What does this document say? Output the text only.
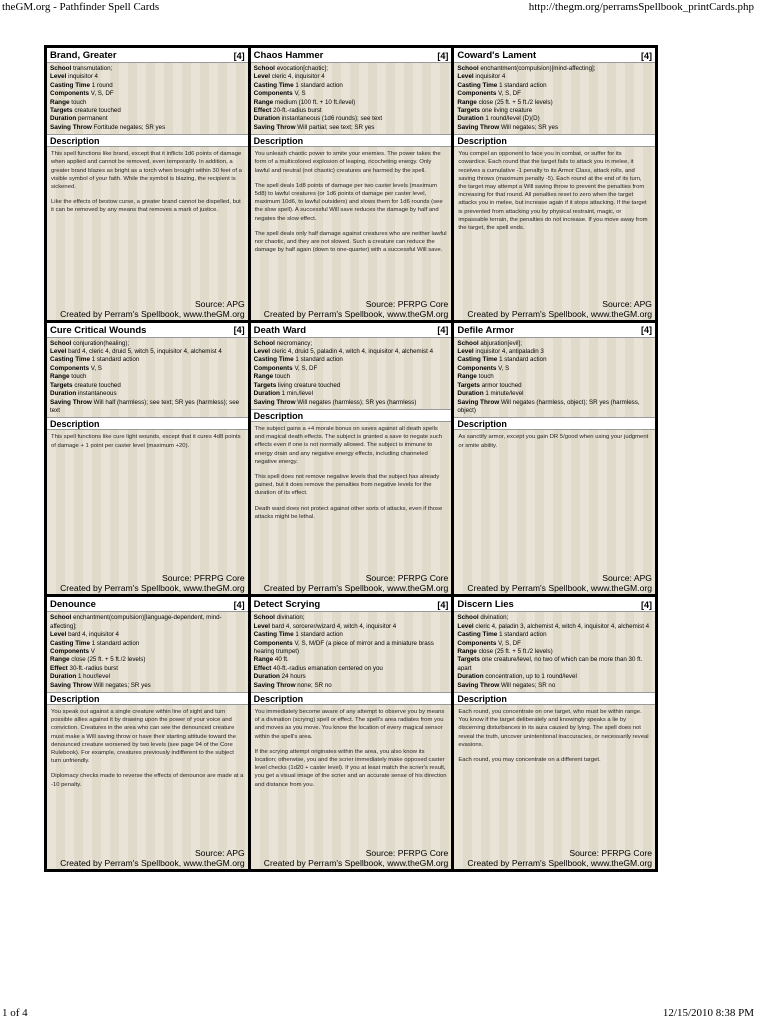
theGM.org - Pathfinder Spell Cards	http://thegm.org/perramsSpellbook_printCards.php
Brand, Greater	[4]
School transmutation;
Level inquisitor 4
Casting Time 1 round
Components V, S, DF
Range touch
Targets creature touched
Duration permanent
Saving Throw Fortitude negates; SR yes
Description

This spell functions like brand, except that it inflicts 1d6 points of damage when applied and cannot be removed, even temporarily. In addition, a greater brand blazes as bright as a torch when brought within 30 feet of a visible symbol of your faith. While the symbol is blazing, the recipient is sickened.

Like the effects of bestow curse, a greater brand cannot be dispelled, but it can be removed by any means that removes a mark of justice.

Source: APG
Created by Perram's Spellbook, www.theGM.org
Chaos Hammer	[4]
School evocation[chaotic];
Level cleric 4, inquisitor 4
Casting Time 1 standard action
Components V, S
Range medium (100 ft. + 10 ft./level)
Effect 20-ft.-radius burst
Duration instantaneous (1d6 rounds); see text
Saving Throw Will partial; see text; SR yes
Description

You unleash chaotic power to smite your enemies. The power takes the form of a multicolored explosion of leaping, ricocheting energy. Only lawful and neutral (not chaotic) creatures are harmed by the spell.

The spell deals 1d8 points of damage per two caster levels (maximum 5d8) to lawful creatures (or 1d6 points of damage per caster level, maximum 10d6, to lawful outsiders) and slows them for 1d6 rounds (see the slow spell). A successful Will save reduces the damage by half and negates the slow effect.

The spell deals only half damage against creatures who are neither lawful nor chaotic, and they are not slowed. Such a creature can reduce the damage by half again (down to one-quarter) with a successful Will save.

Source: PFRPG Core
Created by Perram's Spellbook, www.theGM.org
Coward's Lament	[4]
School enchantment(compulsion)[mind-affecting];
Level inquisitor 4
Casting Time 1 standard action
Components V, S, DF
Range close (25 ft. + 5 ft./2 levels)
Targets one living creature
Duration 1 round/level (D)(D)
Saving Throw Will negates; SR yes
Description

You compel an opponent to face you in combat, or suffer for its cowardice. Each round that the target fails to attack you in melee, it receives a cumulative -1 penalty to its Armor Class, attack rolls, and saving throws (maximum penalty -5). Each round at the end of its turn, the target may attempt a Will saving throw to prevent the penalties from increasing for that round. All penalties reset to zero when the target attacks you in melee, but increase again if it stops attacking. If the target is prevented from attacking you by physical restraint, magic, or impassable terrain, the penalties do not increase. If you move away from the target, the spell ends.

Source: APG
Created by Perram's Spellbook, www.theGM.org
Cure Critical Wounds	[4]
School conjuration(healing);
Level bard 4, cleric 4, druid 5, witch 5, inquisitor 4, alchemist 4
Casting Time 1 standard action
Components V, S
Range touch
Targets creature touched
Duration instantaneous
Saving Throw Will half (harmless); see text; SR yes (harmless); see text
Description

This spell functions like cure light wounds, except that it cures 4d8 points of damage + 1 point per caster level (maximum +20).

Source: PFRPG Core
Created by Perram's Spellbook, www.theGM.org
Death Ward	[4]
School necromancy;
Level cleric 4, druid 5, paladin 4, witch 4, inquisitor 4, alchemist 4
Casting Time 1 standard action
Components V, S, DF
Range touch
Targets living creature touched
Duration 1 min./level
Saving Throw Will negates (harmless); SR yes (harmless)
Description

The subject gains a +4 morale bonus on saves against all death spells and magical death effects. The subject is granted a save to negate such effects even if one is not normally allowed. The subject is immune to energy drain and any negative energy effects, including channeled negative energy.

This spell does not remove negative levels that the subject has already gained, but it does remove the penalties from negative levels for the duration of its effect.

Death ward does not protect against other sorts of attacks, even if those attacks might be lethal.

Source: PFRPG Core
Created by Perram's Spellbook, www.theGM.org
Defile Armor	[4]
School abjuration[evil];
Level inquisitor 4, antipaladin 3
Casting Time 1 standard action
Components V, S
Range touch
Targets armor touched
Duration 1 minute/level
Saving Throw Will negates (harmless, object); SR yes (harmless, object)
Description

As sanctify armor, except you gain DR 5/good when using your judgment or smite ability.

Source: APG
Created by Perram's Spellbook, www.theGM.org
Denounce	[4]
School enchantment(compulsion)[language-dependent, mind-affecting];
Level bard 4, inquisitor 4
Casting Time 1 standard action
Components V
Range close (25 ft. + 5 ft./2 levels)
Effect 30-ft.-radius burst
Duration 1 hour/level
Saving Throw Will negates; SR yes
Description

You speak out against a single creature within line of sight and turn possible allies against it by drawing upon the power of your voice and conviction. Creatures in the area who can see the denounced creature must make a Will saving throw or have their starting attitude toward the denounced creature worsened by two levels (see page 94 of the Core Rulebook). For example, creatures previously indifferent to the subject turn unfriendly.

Diplomacy checks made to reverse the effects of denounce are made at a -10 penalty.

Source: APG
Created by Perram's Spellbook, www.theGM.org
Detect Scrying	[4]
School divination;
Level bard 4, sorcerer/wizard 4, witch 4, inquisitor 4
Casting Time 1 standard action
Components V, S, M/DF (a piece of mirror and a miniature brass hearing trumpet)
Range 40 ft.
Effect 40-ft.-radius emanation centered on you
Duration 24 hours
Saving Throw none; SR no
Description

You immediately become aware of any attempt to observe you by means of a divination (scrying) spell or effect. The spell's area radiates from you and moves as you move. You know the location of every magical sensor within the spell's area.

If the scrying attempt originates within the area, you also know its location; otherwise, you and the scrier immediately make opposed caster level checks (1d20 + caster level). If you at least match the scrier's result, you get a visual image of the scrier and an accurate sense of his direction and distance from you.

Source: PFRPG Core
Created by Perram's Spellbook, www.theGM.org
Discern Lies	[4]
School divination;
Level cleric 4, paladin 3, alchemist 4, witch 4, inquisitor 4, alchemist 4
Casting Time 1 standard action
Components V, S, DF
Range close (25 ft. + 5 ft./2 levels)
Targets one creature/level, no two of which can be more than 30 ft. apart
Duration concentration, up to 1 round/level
Saving Throw Will negates; SR no
Description

Each round, you concentrate on one target, who must be within range. You know if the target deliberately and knowingly speaks a lie by discerning disturbances in its aura caused by lying. The spell does not reveal the truth, uncover unintentional inaccuracies, or necessarily reveal evasions.

Each round, you may concentrate on a different target.

Source: PFRPG Core
Created by Perram's Spellbook, www.theGM.org
1 of 4	12/15/2010 8:38 PM
